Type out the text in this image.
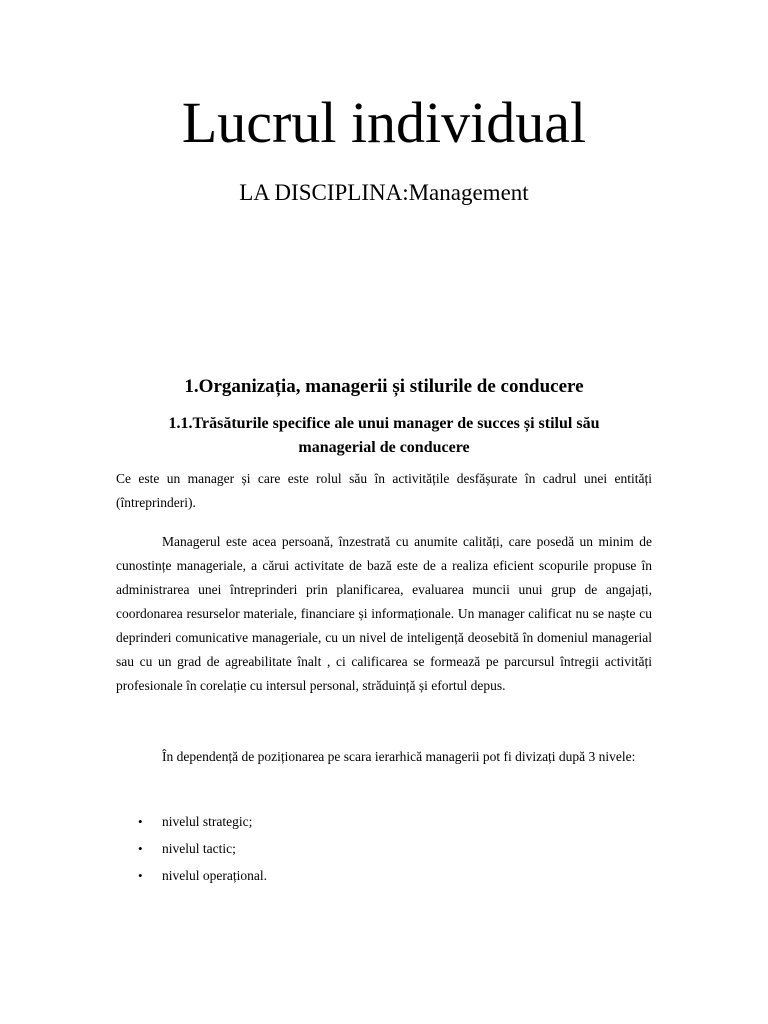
Lucrul individual
LA DISCIPLINA:Management
1.Organizația, managerii și stilurile de conducere
1.1.Trăsăturile specifice ale unui manager de succes și stilul său managerial de conducere

Ce este un manager și care este rolul său în activitățile desfășurate în cadrul unei entități (întreprinderi).

Managerul este acea persoană, înzestrată cu anumite calități, care posedă un minim de cunostințe manageriale, a cărui activitate de bază este de a realiza eficient scopurile propuse în administrarea unei întreprinderi prin planificarea, evaluarea muncii unui grup de angajați, coordonarea resurselor materiale, financiare și informaționale. Un manager calificat nu se naște cu deprinderi comunicative manageriale, cu un nivel de inteligență deosebită în domeniul managerial sau cu un grad de agreabilitate înalt , ci calificarea se formează pe parcursul întregii activități profesionale în corelație cu intersul personal, străduință și efortul depus.

În dependență de poziționarea pe scara ierarhică managerii pot fi divizați după 3 nivele:

• nivelul strategic;
• nivelul tactic;
• nivelul operațional.
